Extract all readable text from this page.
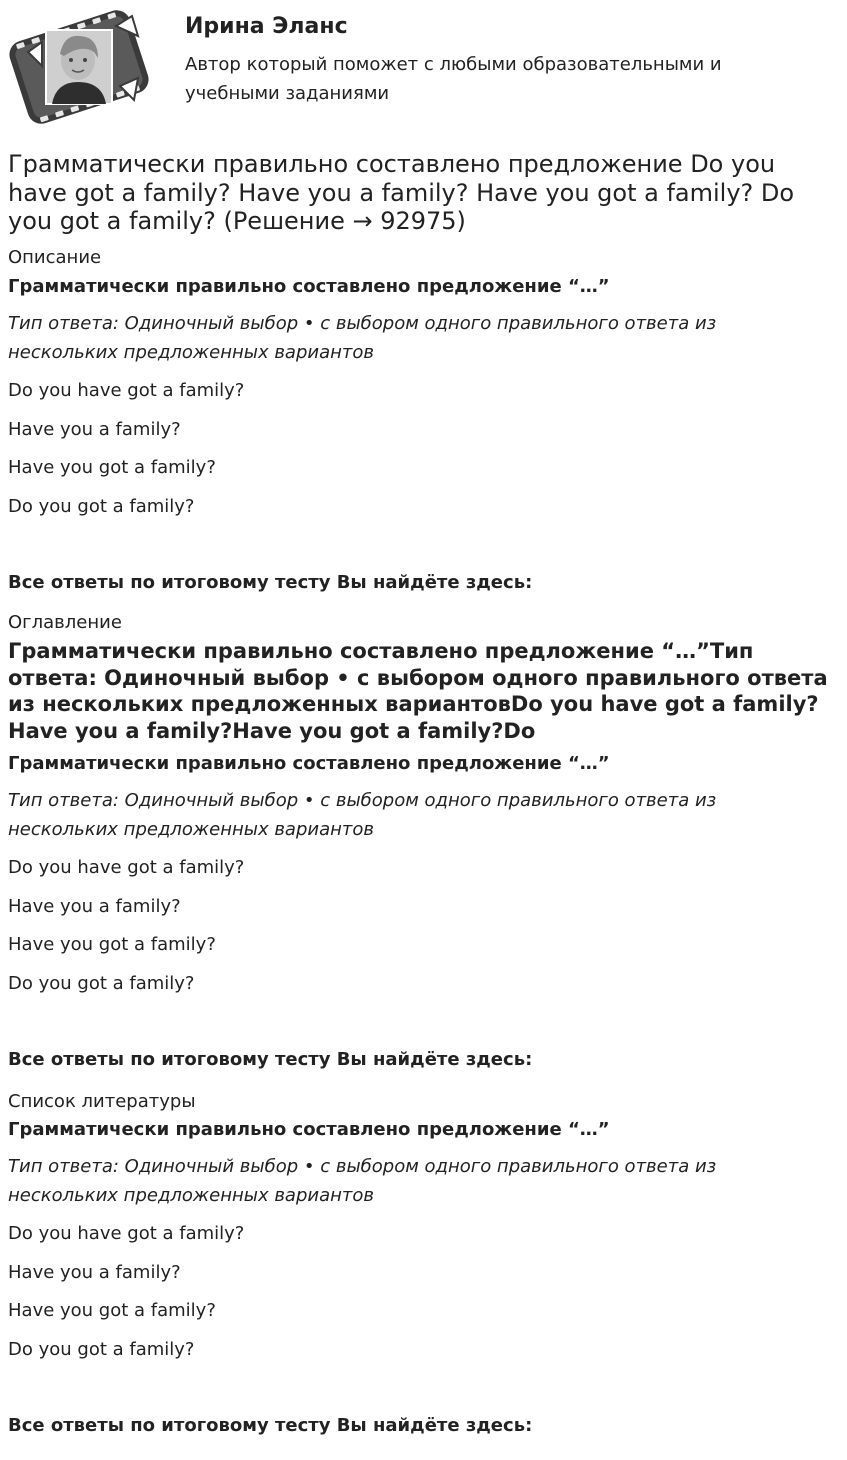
Ирина Эланс
Автор который поможет с любыми образовательными и учебными заданиями
Грамматически правильно составлено предложение Do you have got a family? Have you a family? Have you got a family? Do you got a family? (Решение → 92975)
Описание
Грамматически правильно составлено предложение “…”
Тип ответа: Одиночный выбор • с выбором одного правильного ответа из нескольких предложенных вариантов
Do you have got a family?
Have you a family?
Have you got a family?
Do you got a family?
Все ответы по итоговому тесту Вы найдёте здесь:
Оглавление
Грамматически правильно составлено предложение “…”Тип ответа: Одиночный выбор • с выбором одного правильного ответа из нескольких предложенных вариантовDo you have got a family?Have you a family?Have you got a family?Do
Грамматически правильно составлено предложение “…”
Тип ответа: Одиночный выбор • с выбором одного правильного ответа из нескольких предложенных вариантов
Do you have got a family?
Have you a family?
Have you got a family?
Do you got a family?
Все ответы по итоговому тесту Вы найдёте здесь:
Список литературы
Грамматически правильно составлено предложение “…”
Тип ответа: Одиночный выбор • с выбором одного правильного ответа из нескольких предложенных вариантов
Do you have got a family?
Have you a family?
Have you got a family?
Do you got a family?
Все ответы по итоговому тесту Вы найдёте здесь:
